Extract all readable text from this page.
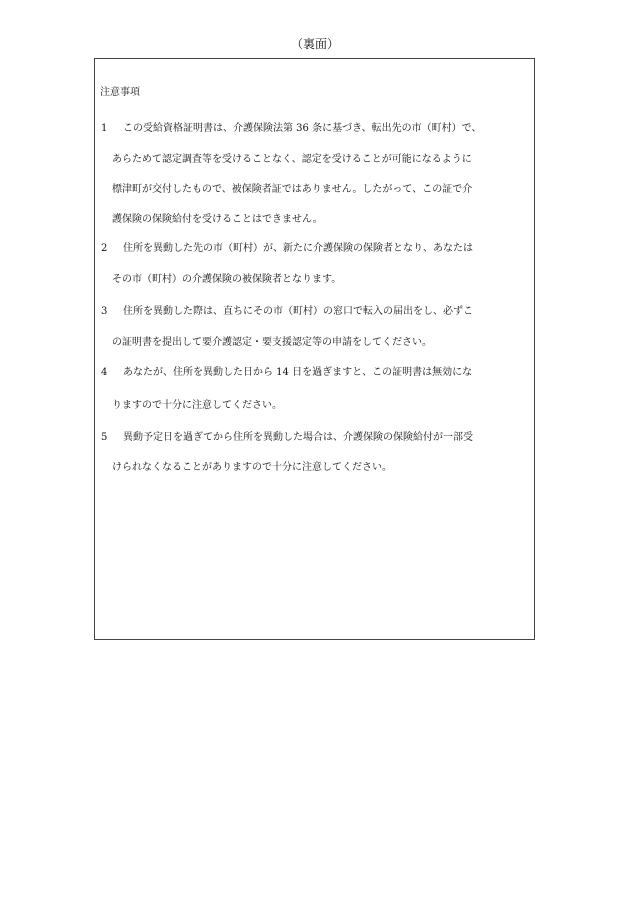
（裏面）
注意事項
1 この受給資格証明書は、介護保険法第 36 条に基づき、転出先の市（町村）で、
あらためて認定調査等を受けることなく、認定を受けることが可能になるように
標津町が交付したもので、被保険者証ではありません。したがって、この証で介
護保険の保険給付を受けることはできません。
2 住所を異動した先の市（町村）が、新たに介護保険の保険者となり、あなたは
その市（町村）の介護保険の被保険者となります。
3 住所を異動した際は、直ちにその市（町村）の窓口で転入の届出をし、必ずこ
の証明書を提出して要介護認定・要支援認定等の申請をしてください。
4 あなたが、住所を異動した日から 14 日を過ぎますと、この証明書は無効にな
りますので十分に注意してください。
5 異動予定日を過ぎてから住所を異動した場合は、介護保険の保険給付が一部受
けられなくなることがありますので十分に注意してください。
